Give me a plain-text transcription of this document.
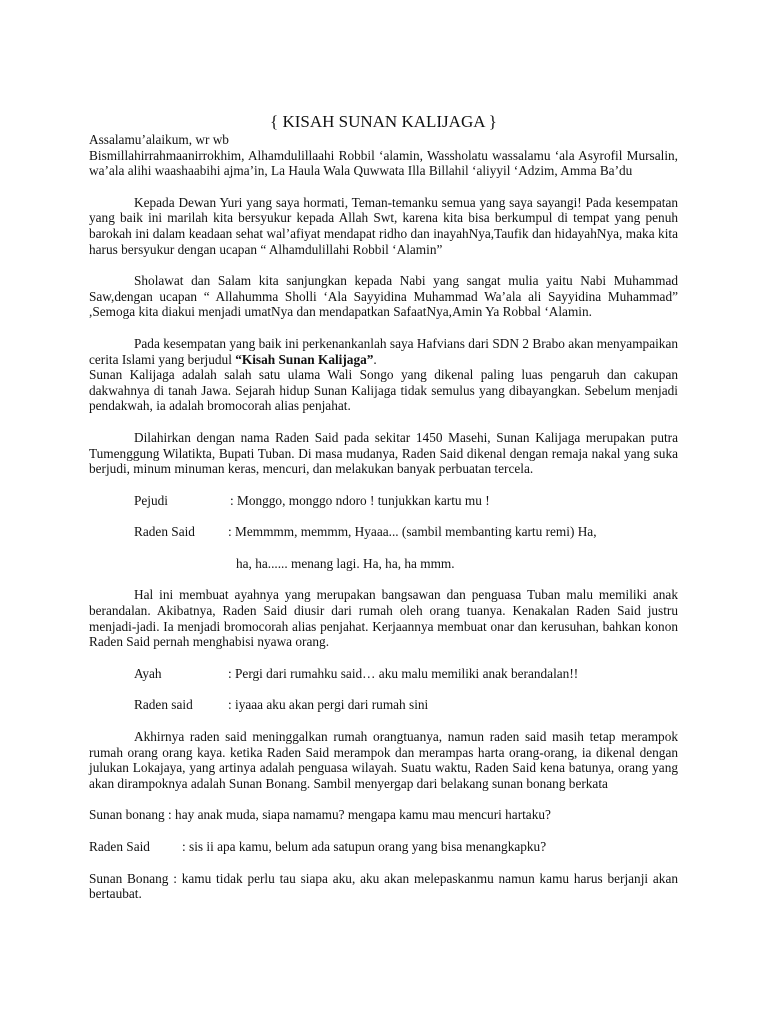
{ KISAH SUNAN KALIJAGA }

Assalamu’alaikum, wr wb

Bismillahirrahmaanirrokhim, Alhamdulillaahi Robbil ‘alamin, Wassholatu wassalamu ‘ala Asyrofil Mursalin, wa’ala alihi waashaabihi ajma’in, La Haula Wala Quwwata Illa Billahil ‘aliyyil ‘Adzim, Amma Ba’du

Kepada Dewan Yuri yang saya hormati, Teman-temanku semua yang saya sayangi! Pada kesempatan yang baik ini marilah kita bersyukur kepada Allah Swt, karena kita bisa berkumpul di tempat yang penuh barokah ini dalam keadaan sehat wal’afiyat mendapat ridho dan inayahNya,Taufik dan hidayahNya, maka kita harus bersyukur dengan ucapan “ Alhamdulillahi Robbil ‘Alamin”

Sholawat dan Salam kita sanjungkan kepada Nabi yang sangat mulia yaitu Nabi Muhammad Saw,dengan ucapan “ Allahumma Sholli ‘Ala Sayyidina Muhammad Wa’ala ali Sayyidina Muhammad” ,Semoga kita diakui menjadi umatNya dan mendapatkan SafaatNya,Amin Ya Robbal ‘Alamin.

Pada kesempatan yang baik ini perkenankanlah saya Hafvians dari SDN 2 Brabo akan menyampaikan cerita Islami yang berjudul “Kisah Sunan Kalijaga”.

Sunan Kalijaga adalah salah satu ulama Wali Songo yang dikenal paling luas pengaruh dan cakupan dakwahnya di tanah Jawa. Sejarah hidup Sunan Kalijaga tidak semulus yang dibayangkan. Sebelum menjadi pendakwah, ia adalah bromocorah alias penjahat.

Dilahirkan dengan nama Raden Said pada sekitar 1450 Masehi, Sunan Kalijaga merupakan putra Tumenggung Wilatikta, Bupati Tuban. Di masa mudanya, Raden Said dikenal dengan remaja nakal yang suka berjudi, minum minuman keras, mencuri, dan melakukan banyak perbuatan tercela.

Pejudi	: Monggo, monggo ndoro ! tunjukkan kartu mu !

Raden Said	: Memmmm, memmm, Hyaaa... (sambil membanting kartu remi) Ha,

ha, ha...... menang lagi. Ha, ha, ha mmm.

Hal ini membuat ayahnya yang merupakan bangsawan dan penguasa Tuban malu memiliki anak berandalan. Akibatnya, Raden Said diusir dari rumah oleh orang tuanya. Kenakalan Raden Said justru menjadi-jadi. Ia menjadi bromocorah alias penjahat. Kerjaannya membuat onar dan kerusuhan, bahkan konon Raden Said pernah menghabisi nyawa orang.

Ayah	: Pergi dari rumahku said… aku malu memiliki anak berandalan!!

Raden said	: iyaaa aku akan pergi dari rumah sini

Akhirnya raden said meninggalkan rumah orangtuanya, namun raden said masih tetap merampok rumah orang orang kaya. ketika Raden Said merampok dan merampas harta orang-orang, ia dikenal dengan julukan Lokajaya, yang artinya adalah penguasa wilayah. Suatu waktu, Raden Said kena batunya, orang yang akan dirampoknya adalah Sunan Bonang. Sambil menyergap dari belakang sunan bonang berkata

Sunan bonang : hay anak muda, siapa namamu? mengapa kamu mau mencuri hartaku?

Raden Said	: sis ii apa kamu, belum ada satupun orang yang bisa menangkapku?

Sunan Bonang : kamu tidak perlu tau siapa aku, aku akan melepaskanmu namun kamu harus berjanji akan bertaubat.
